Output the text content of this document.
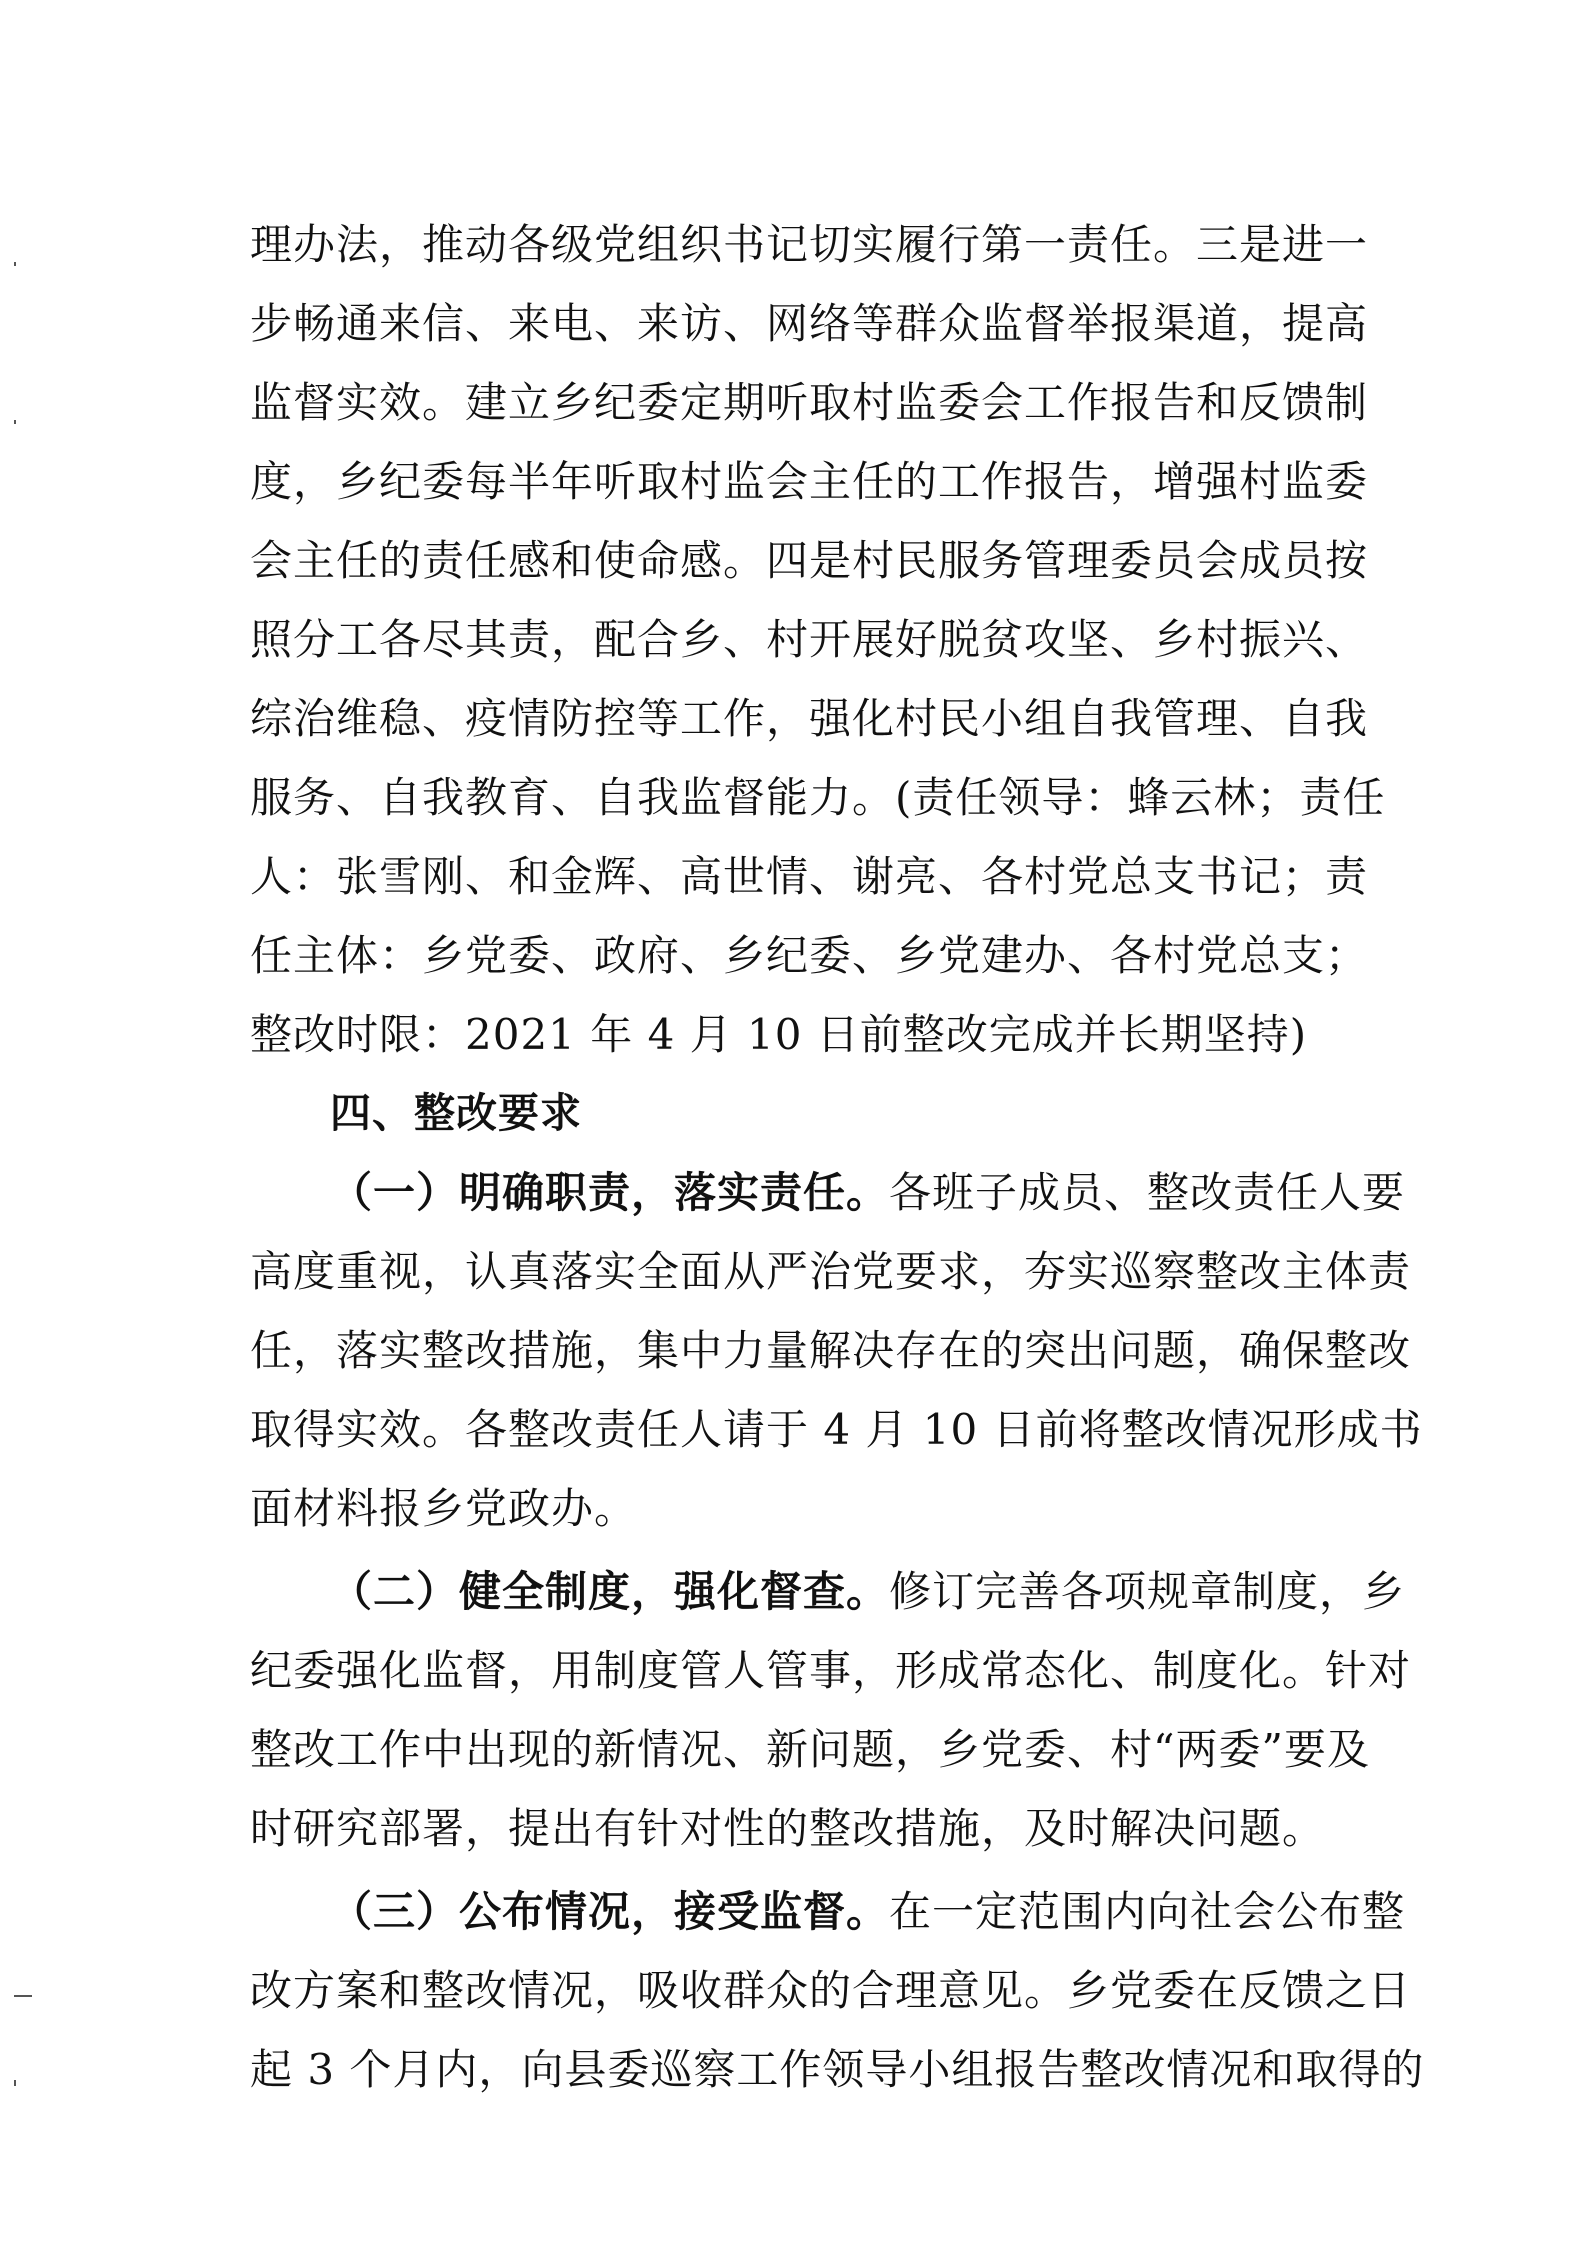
理办法，推动各级党组织书记切实履行第一责任。三是进一
步畅通来信、来电、来访、网络等群众监督举报渠道，提高
监督实效。建立乡纪委定期听取村监委会工作报告和反馈制
度，乡纪委每半年听取村监会主任的工作报告，增强村监委
会主任的责任感和使命感。四是村民服务管理委员会成员按
照分工各尽其责，配合乡、村开展好脱贫攻坚、乡村振兴、
综治维稳、疫情防控等工作，强化村民小组自我管理、自我
服务、自我教育、自我监督能力。(责任领导：蜂云林；责任
人：张雪刚、和金辉、高世情、谢亮、各村党总支书记；责
任主体：乡党委、政府、乡纪委、乡党建办、各村党总支；
整改时限：2021 年 4 月 10 日前整改完成并长期坚持)
四、整改要求
（一）明确职责，落实责任。各班子成员、整改责任人要
高度重视，认真落实全面从严治党要求，夯实巡察整改主体责
任，落实整改措施，集中力量解决存在的突出问题，确保整改
取得实效。各整改责任人请于 4 月 10 日前将整改情况形成书
面材料报乡党政办。
（二）健全制度，强化督查。修订完善各项规章制度，乡
纪委强化监督，用制度管人管事，形成常态化、制度化。针对
整改工作中出现的新情况、新问题，乡党委、村“两委”要及
时研究部署，提出有针对性的整改措施，及时解决问题。
（三）公布情况，接受监督。在一定范围内向社会公布整
改方案和整改情况，吸收群众的合理意见。乡党委在反馈之日
起 3 个月内，向县委巡察工作领导小组报告整改情况和取得的
